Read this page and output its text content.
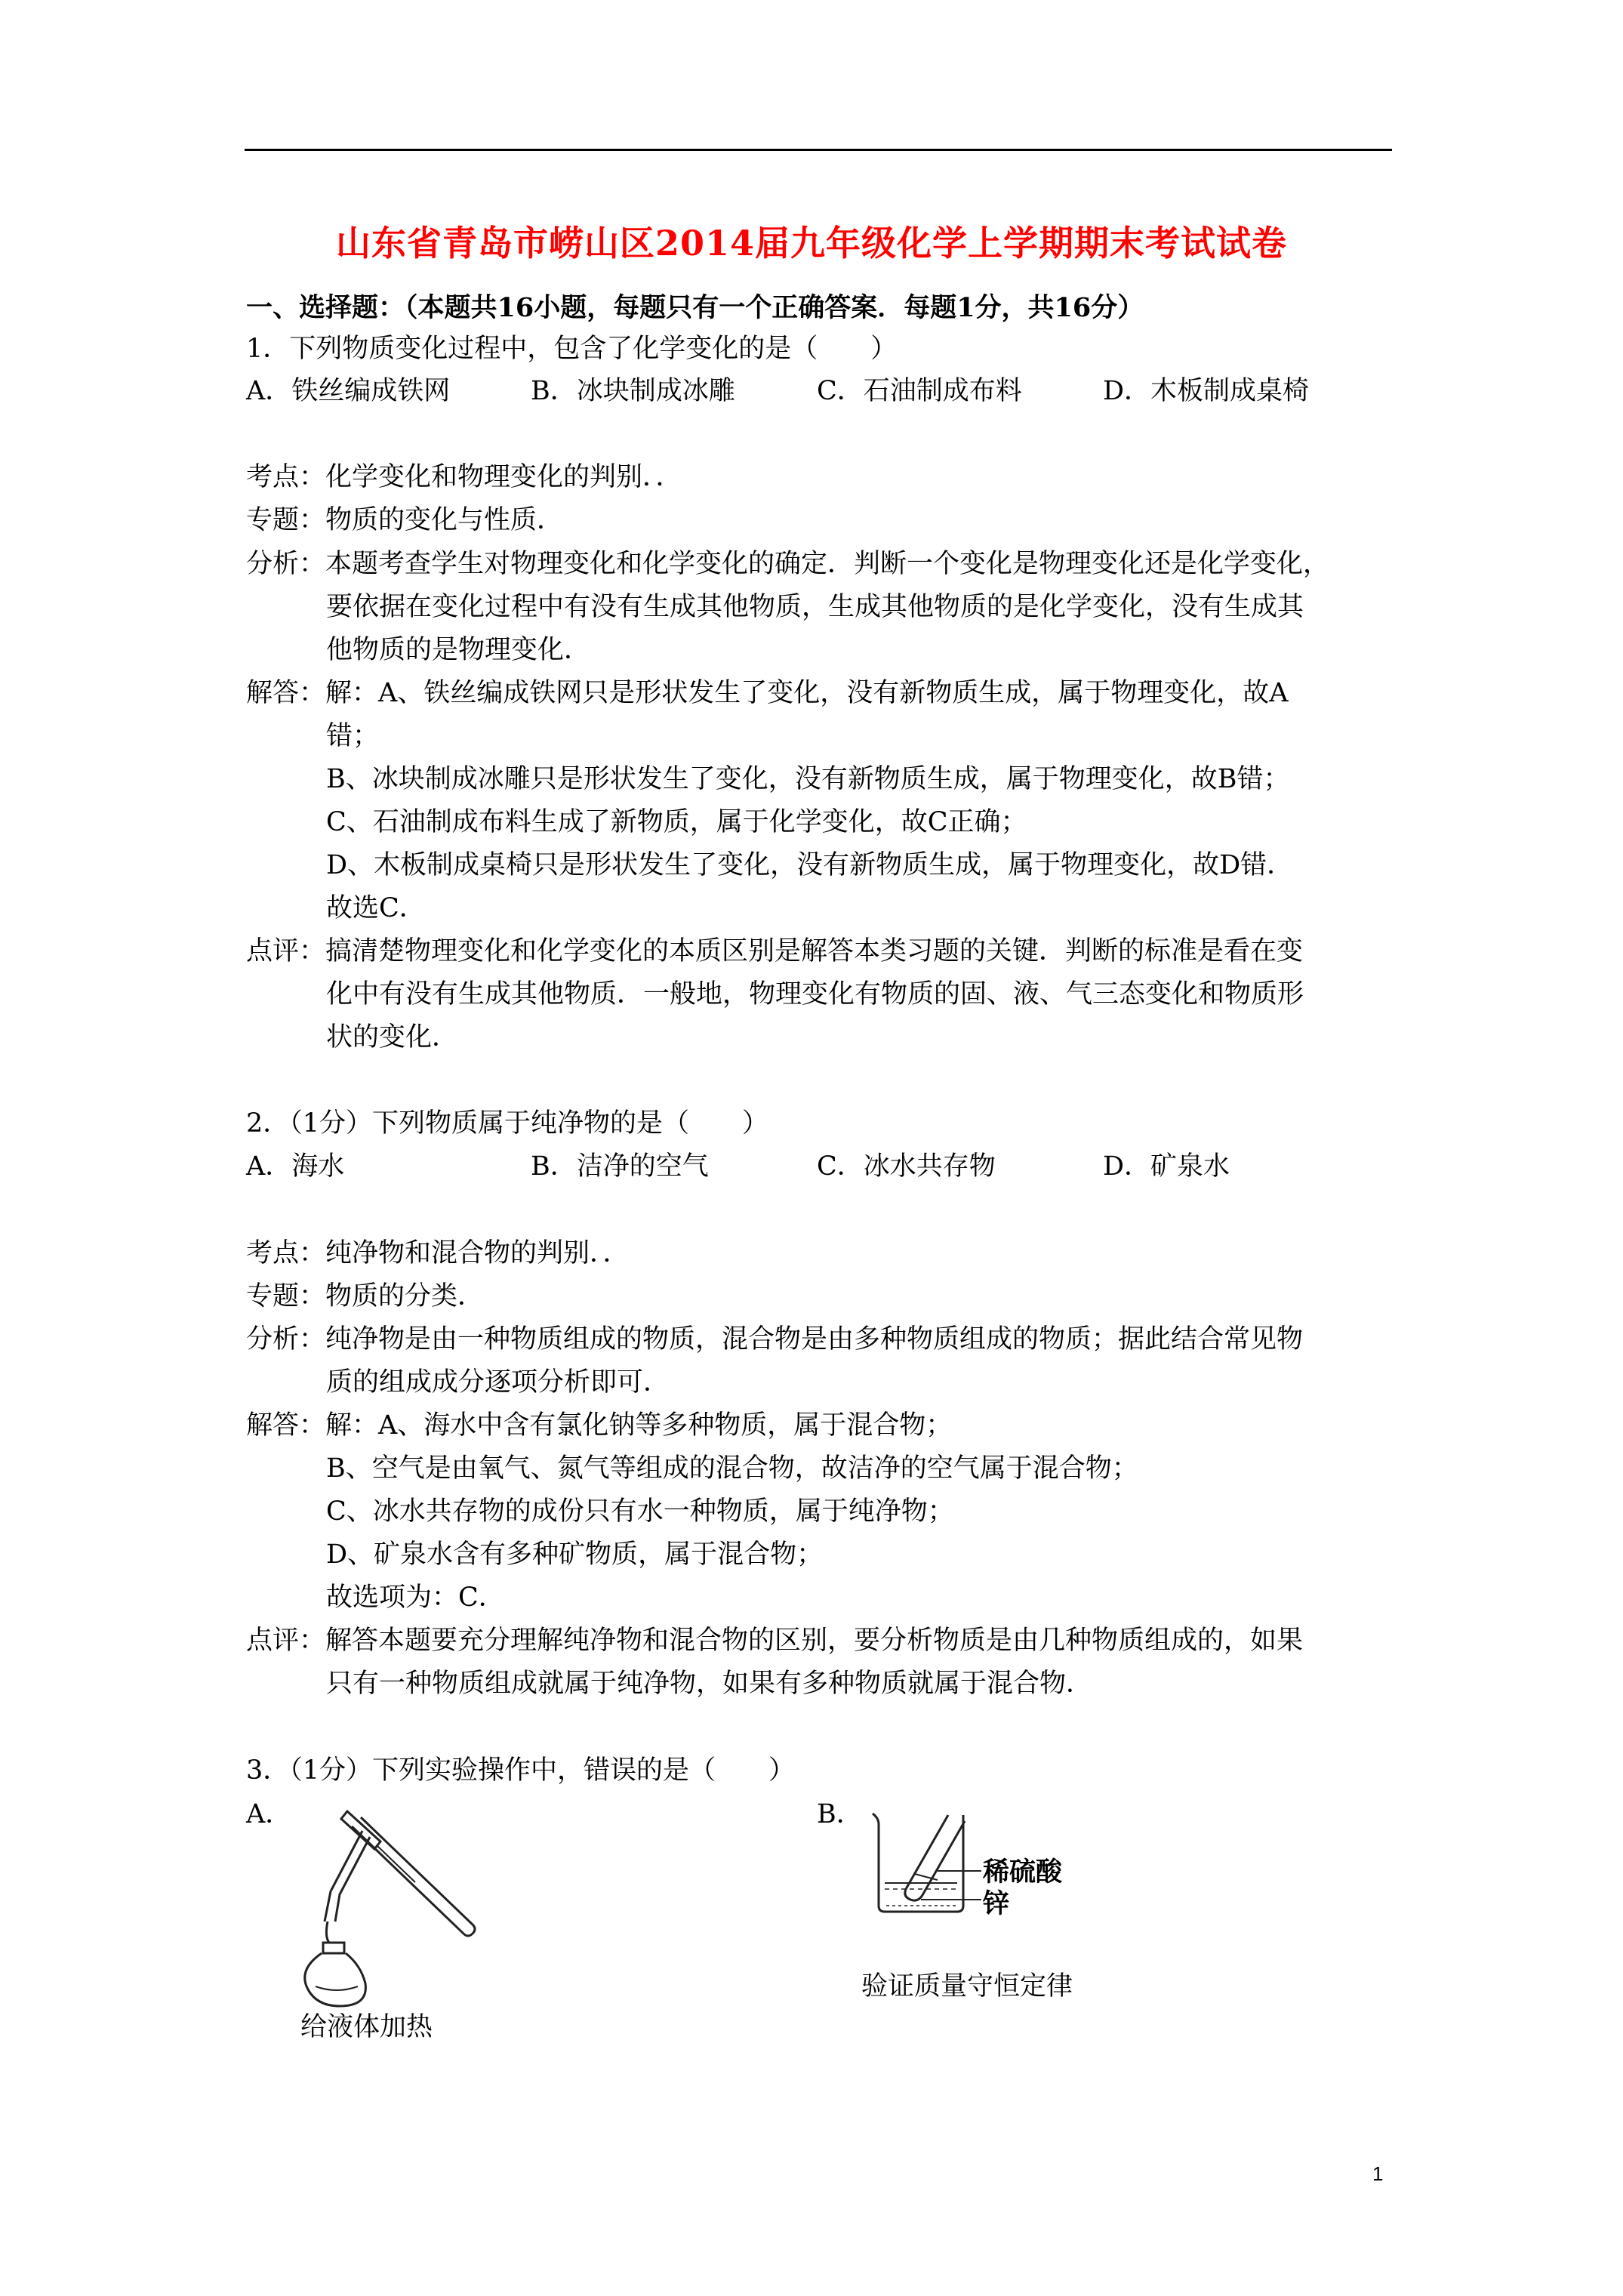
山东省青岛市崂山区2014届九年级化学上学期期末考试试卷
一、选择题：（本题共16小题，每题只有一个正确答案．每题1分，共16分）
1．下列物质变化过程中，包含了化学变化的是（　　）
A．铁丝编成铁网	B．冰块制成冰雕	C．石油制成布料	D．木板制成桌椅
考点：化学变化和物理变化的判别．．
专题：物质的变化与性质．
分析：本题考查学生对物理变化和化学变化的确定．判断一个变化是物理变化还是化学变化，
要依据在变化过程中有没有生成其他物质，生成其他物质的是化学变化，没有生成其
他物质的是物理变化．
解答：解：A、铁丝编成铁网只是形状发生了变化，没有新物质生成，属于物理变化，故A
错；
B、冰块制成冰雕只是形状发生了变化，没有新物质生成，属于物理变化，故B错；
C、石油制成布料生成了新物质，属于化学变化，故C正确；
D、木板制成桌椅只是形状发生了变化，没有新物质生成，属于物理变化，故D错．
故选C．
点评：搞清楚物理变化和化学变化的本质区别是解答本类习题的关键．判断的标准是看在变
化中有没有生成其他物质．一般地，物理变化有物质的固、液、气三态变化和物质形
状的变化．
2．（1分）下列物质属于纯净物的是（　　）
A．海水	B．洁净的空气	C．冰水共存物	D．矿泉水
考点：纯净物和混合物的判别．．
专题：物质的分类．
分析：纯净物是由一种物质组成的物质，混合物是由多种物质组成的物质；据此结合常见物
质的组成成分逐项分析即可．
解答：解：A、海水中含有氯化钠等多种物质，属于混合物；
B、空气是由氧气、氮气等组成的混合物，故洁净的空气属于混合物；
C、冰水共存物的成份只有水一种物质，属于纯净物；
D、矿泉水含有多种矿物质，属于混合物；
故选项为：C．
点评：解答本题要充分理解纯净物和混合物的区别，要分析物质是由几种物质组成的，如果
只有一种物质组成就属于纯净物，如果有多种物质就属于混合物．
3．（1分）下列实验操作中，错误的是（　　）
A．	B．
给液体加热
稀硫酸
锌
验证质量守恒定律
1
